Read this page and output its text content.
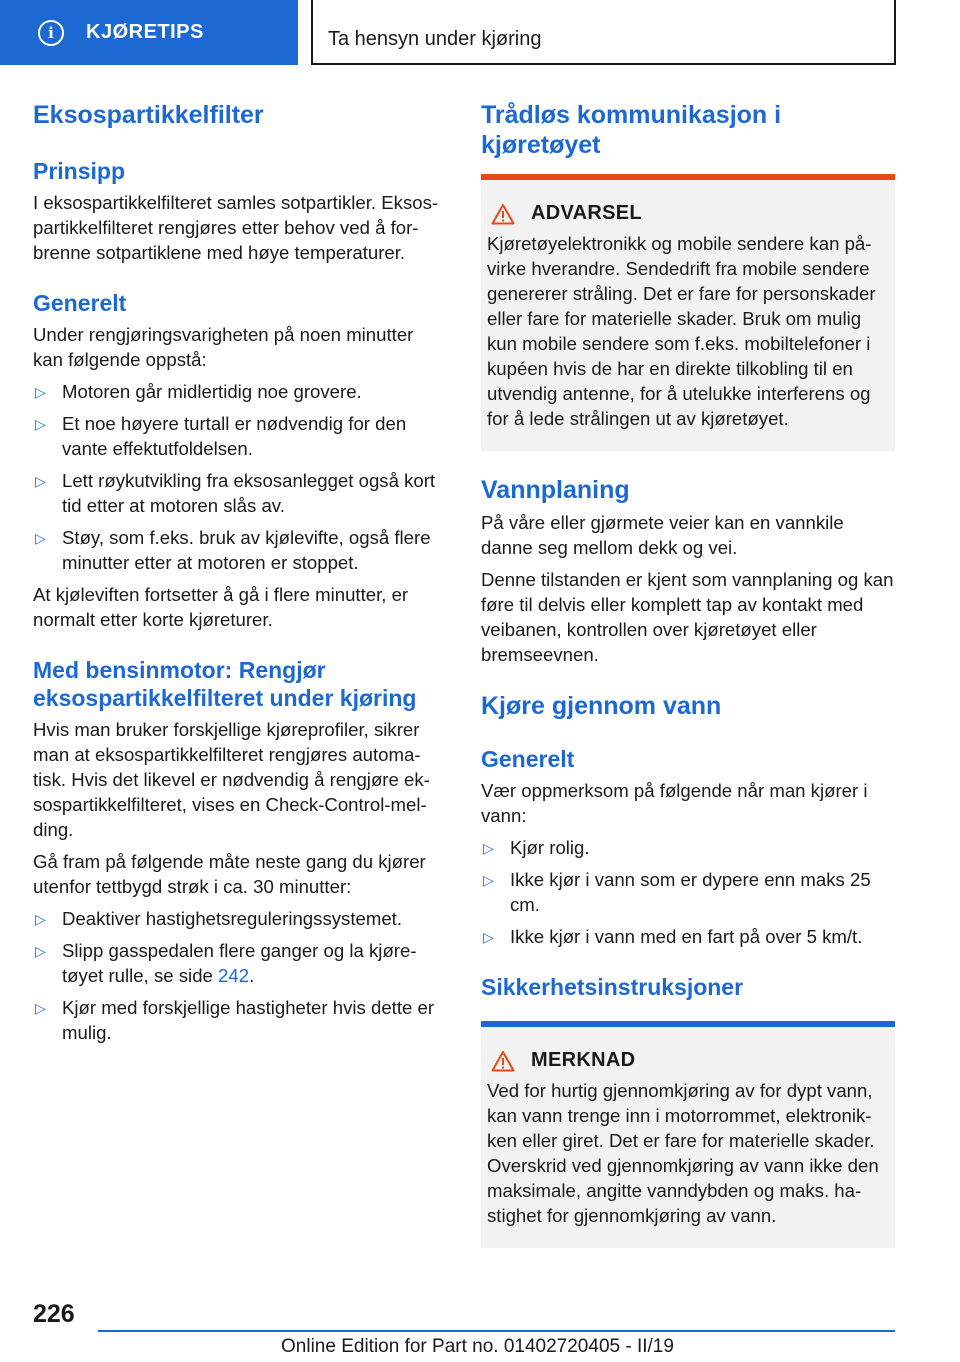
i	KJØRETIPS	Ta hensyn under kjøring
Eksospartikkelfilter
Prinsipp

I eksospartikkelfilteret samles sotpartikler. Eksos-partikkelfilteret rengjøres etter behov ved å for-brenne sotpartiklene med høye temperaturer.

Generelt

Under rengjøringsvarigheten på noen minutter kan følgende oppstå:

▷ Motoren går midlertidig noe grovere.
▷ Et noe høyere turtall er nødvendig for den vante effektutfoldelsen.
▷ Lett røykutvikling fra eksosanlegget også kort tid etter at motoren slås av.
▷ Støy, som f.eks. bruk av kjølevifte, også flere minutter etter at motoren er stoppet.

At kjøleviften fortsetter å gå i flere minutter, er normalt etter korte kjøreturer.

Med bensinmotor: Rengjør eksospartikkelfilteret under kjøring

Hvis man bruker forskjellige kjøreprofiler, sikrer man at eksospartikkelfilteret rengjøres automa-tisk. Hvis det likevel er nødvendig å rengjøre ek-sospartikkelfilteret, vises en Check-Control-mel-ding.

Gå fram på følgende måte neste gang du kjører utenfor tettbygd strøk i ca. 30 minutter:

▷ Deaktiver hastighetsreguleringssystemet.
▷ Slipp gasspedalen flere ganger og la kjøre-tøyet rulle, se side 242.
▷ Kjør med forskjellige hastigheter hvis dette er mulig.
Trådløs kommunikasjon i kjøretøyet
ADVARSEL

Kjøretøyelektronikk og mobile sendere kan på-virke hverandre. Sendedrift fra mobile sendere genererer stråling. Det er fare for personskader eller fare for materielle skader. Bruk om mulig kun mobile sendere som f.eks. mobiltelefoner i kupéen hvis de har en direkte tilkobling til en utvendig antenne, for å utelukke interferens og for å lede strålingen ut av kjøretøyet.

Vannplaning

På våre eller gjørmete veier kan en vannkile danne seg mellom dekk og vei.

Denne tilstanden er kjent som vannplaning og kan føre til delvis eller komplett tap av kontakt med veibanen, kontrollen over kjøretøyet eller bremseevnen.

Kjøre gjennom vann
Generelt

Vær oppmerksom på følgende når man kjører i vann:

▷ Kjør rolig.
▷ Ikke kjør i vann som er dypere enn maks 25 cm.
▷ Ikke kjør i vann med en fart på over 5 km/t.
Sikkerhetsinstruksjoner
MERKNAD

Ved for hurtig gjennomkjøring av for dypt vann, kan vann trenge inn i motorrommet, elektronik-ken eller giret. Det er fare for materielle skader. Overskrid ved gjennomkjøring av vann ikke den maksimale, angitte vanndybden og maks. ha-stighet for gjennomkjøring av vann.

226
Online Edition for Part no. 01402720405 - II/19
